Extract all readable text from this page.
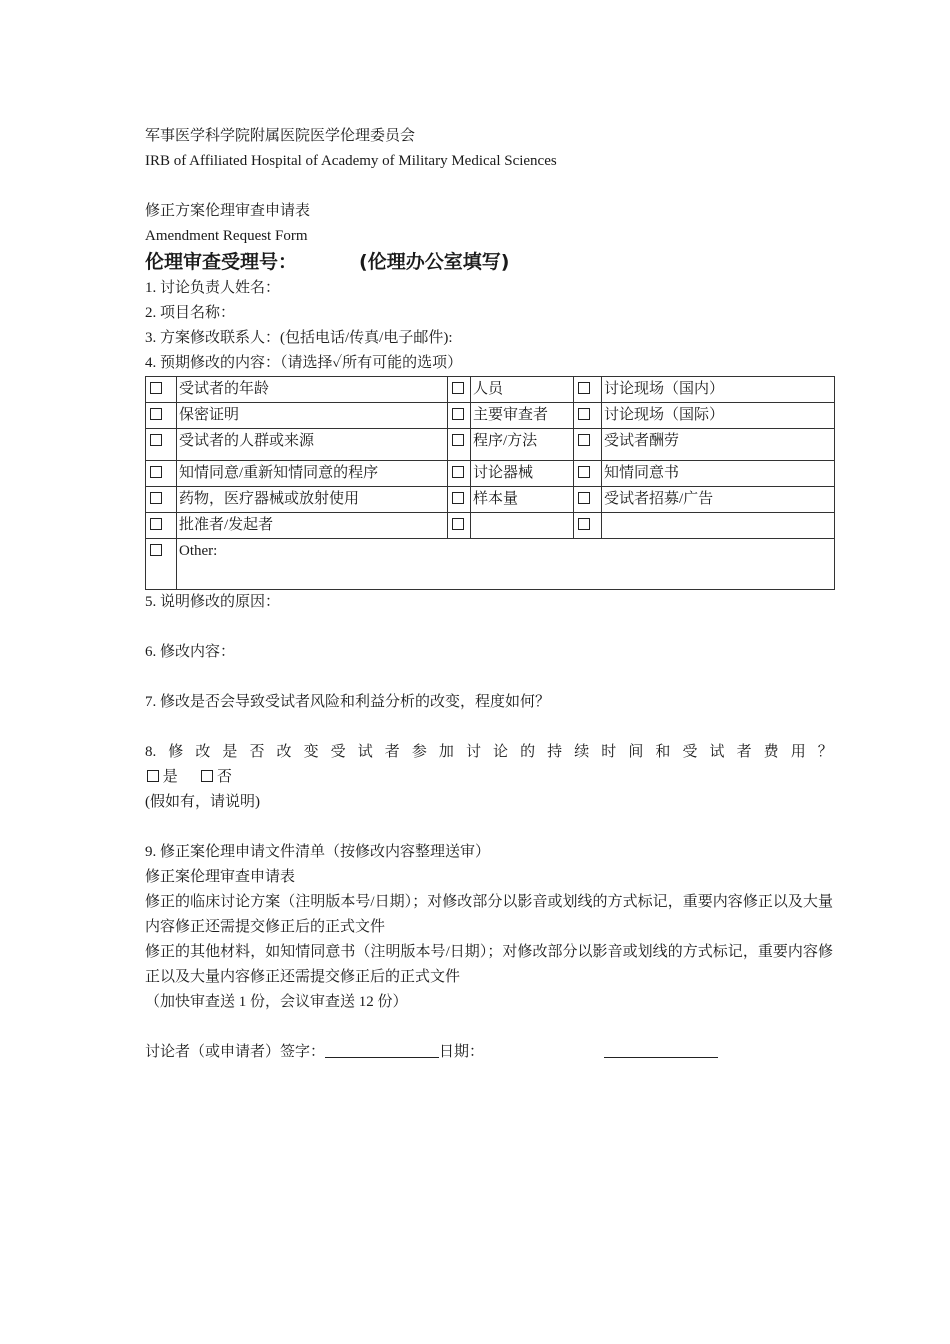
军事医学科学院附属医院医学伦理委员会
IRB of Affiliated Hospital of Academy of Military Medical Sciences
修正方案伦理审查申请表
Amendment Request Form
伦理审查受理号：	(伦理办公室填写)
1. 讨论负责人姓名：
2. 项目名称：
3. 方案修改联系人：(包括电话/传真/电子邮件):
4. 预期修改的内容：（请选择✓所有可能的选项）
	受试者的年龄		人员		讨论现场（国内）
	保密证明		主要审查者		讨论现场（国际）
	受试者的人群或来源		程序/方法		受试者酬劳
	知情同意/重新知情同意的程序		讨论器械		知情同意书
	药物，医疗器械或放射使用		样本量		受试者招募/广告
	批准者/发起者				
	Other:				
5. 说明修改的原因：
6. 修改内容：
7. 修改是否会导致受试者风险和利益分析的改变，程度如何？
8. 修 改 是 否 改 变 受 试 者 参 加 讨 论 的 持 续 时 间 和 受 试 者 费 用 ？
是	否
(假如有，请说明)
9. 修正案伦理申请文件清单（按修改内容整理送审）
修正案伦理审查申请表
修正的临床讨论方案（注明版本号/日期）；对修改部分以影音或划线的方式标记，重要内容修正以及大量内容修正还需提交修正后的正式文件
修正的其他材料，如知情同意书（注明版本号/日期）；对修改部分以影音或划线的方式标记，重要内容修正以及大量内容修正还需提交修正后的正式文件
（加快审查送 1 份，会议审查送 12 份）
讨论者（或申请者）签字：	日期：
